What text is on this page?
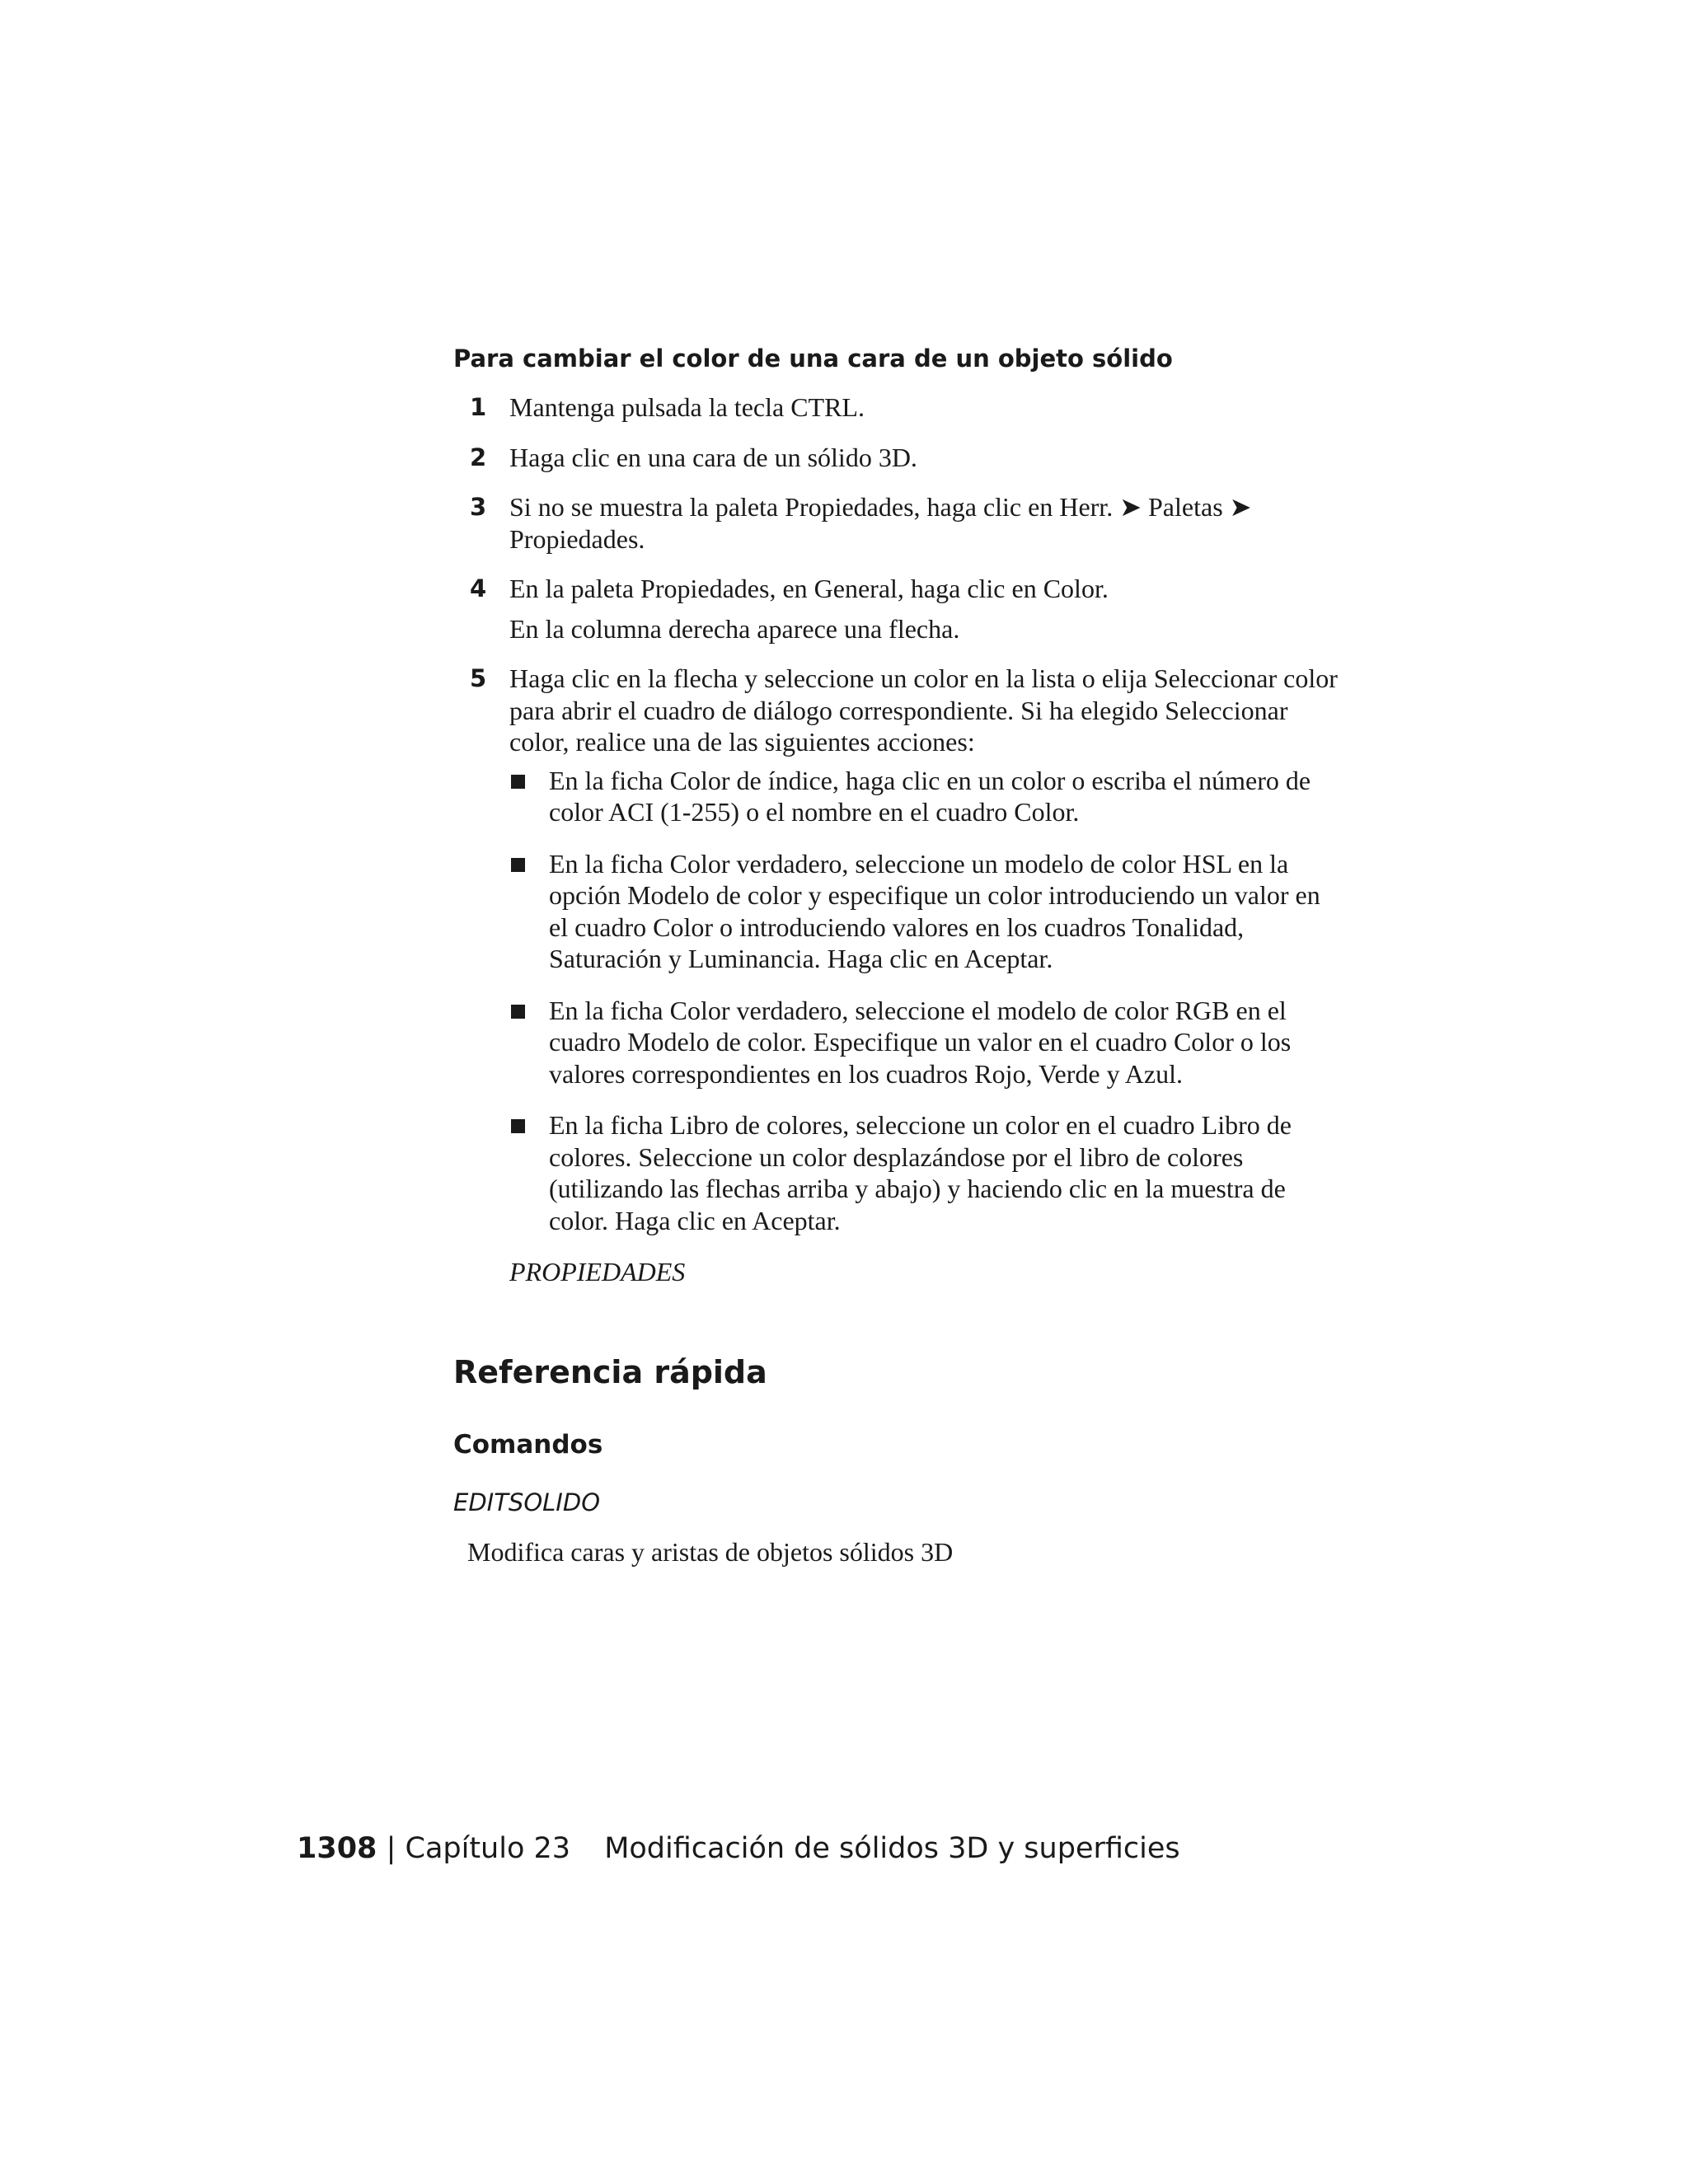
Para cambiar el color de una cara de un objeto sólido
1 Mantenga pulsada la tecla CTRL.
2 Haga clic en una cara de un sólido 3D.
3 Si no se muestra la paleta Propiedades, haga clic en Herr. ➤ Paletas ➤ Propiedades.
4 En la paleta Propiedades, en General, haga clic en Color.
En la columna derecha aparece una flecha.
5 Haga clic en la flecha y seleccione un color en la lista o elija Seleccionar color para abrir el cuadro de diálogo correspondiente. Si ha elegido Seleccionar color, realice una de las siguientes acciones:
En la ficha Color de índice, haga clic en un color o escriba el número de color ACI (1-255) o el nombre en el cuadro Color.
En la ficha Color verdadero, seleccione un modelo de color HSL en la opción Modelo de color y especifique un color introduciendo un valor en el cuadro Color o introduciendo valores en los cuadros Tonalidad, Saturación y Luminancia. Haga clic en Aceptar.
En la ficha Color verdadero, seleccione el modelo de color RGB en el cuadro Modelo de color. Especifique un valor en el cuadro Color o los valores correspondientes en los cuadros Rojo, Verde y Azul.
En la ficha Libro de colores, seleccione un color en el cuadro Libro de colores. Seleccione un color desplazándose por el libro de colores (utilizando las flechas arriba y abajo) y haciendo clic en la muestra de color. Haga clic en Aceptar.
PROPIEDADES
Referencia rápida
Comandos

EDITSOLIDO

Modifica caras y aristas de objetos sólidos 3D

1308 | Capítulo 23 Modificación de sólidos 3D y superficies
